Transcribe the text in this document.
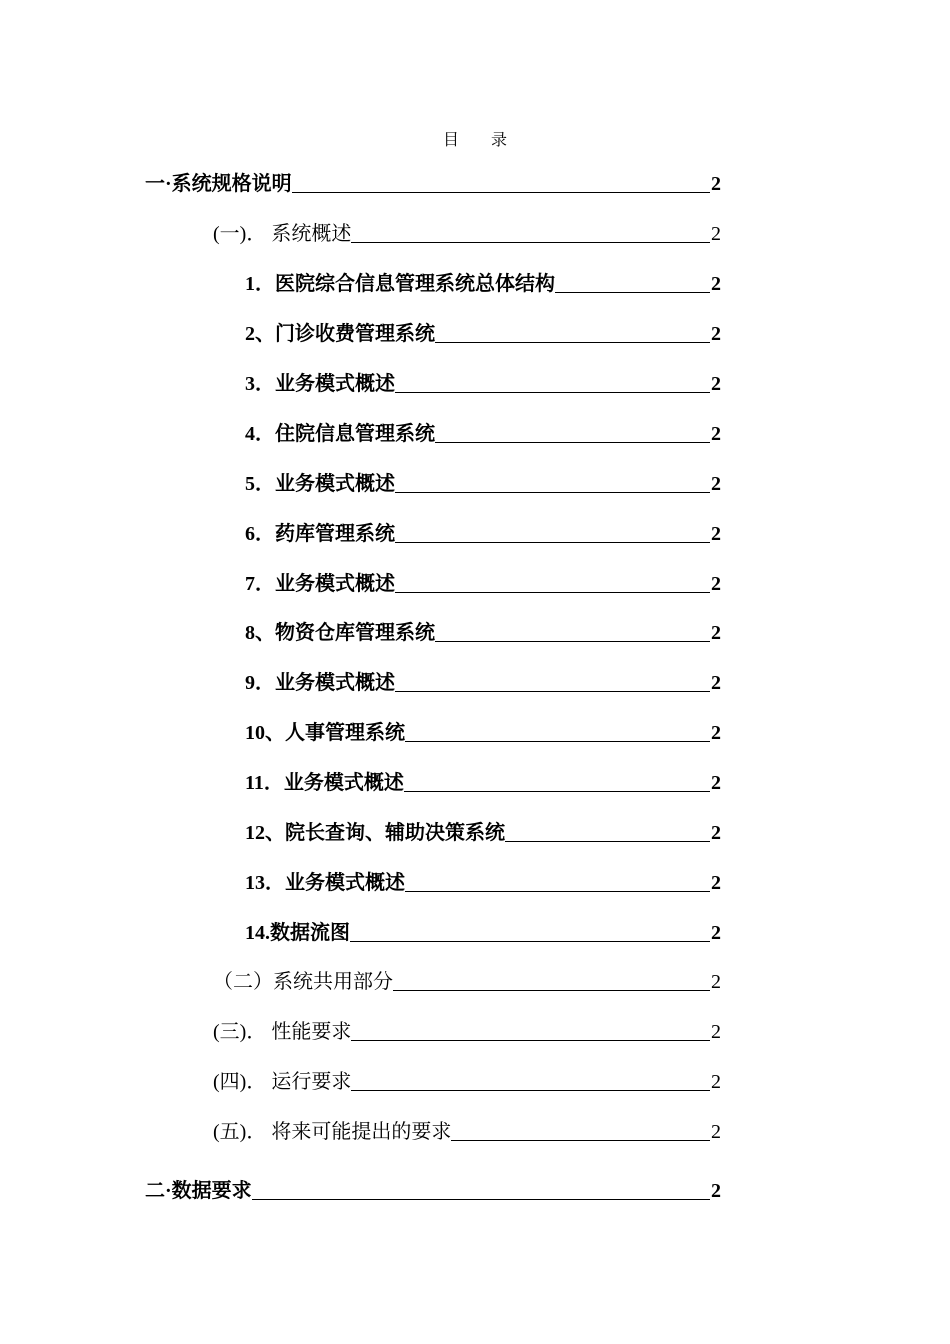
目 录
一·系统规格说明	2
(一)． 系统概述	2
1．医院综合信息管理系统总体结构	2
2、门诊收费管理系统	2
3．业务模式概述	2
4．住院信息管理系统	2
5．业务模式概述	2
6．药库管理系统	2
7．业务模式概述	2
8、物资仓库管理系统	2
9．业务模式概述	2
10、人事管理系统	2
11．业务模式概述	2
12、院长查询、辅助决策系统	2
13．业务模式概述	2
14.数据流图	2
（二）系统共用部分	2
(三)． 性能要求	2
(四)． 运行要求	2
(五)． 将来可能提出的要求	2
二·数据要求	2
